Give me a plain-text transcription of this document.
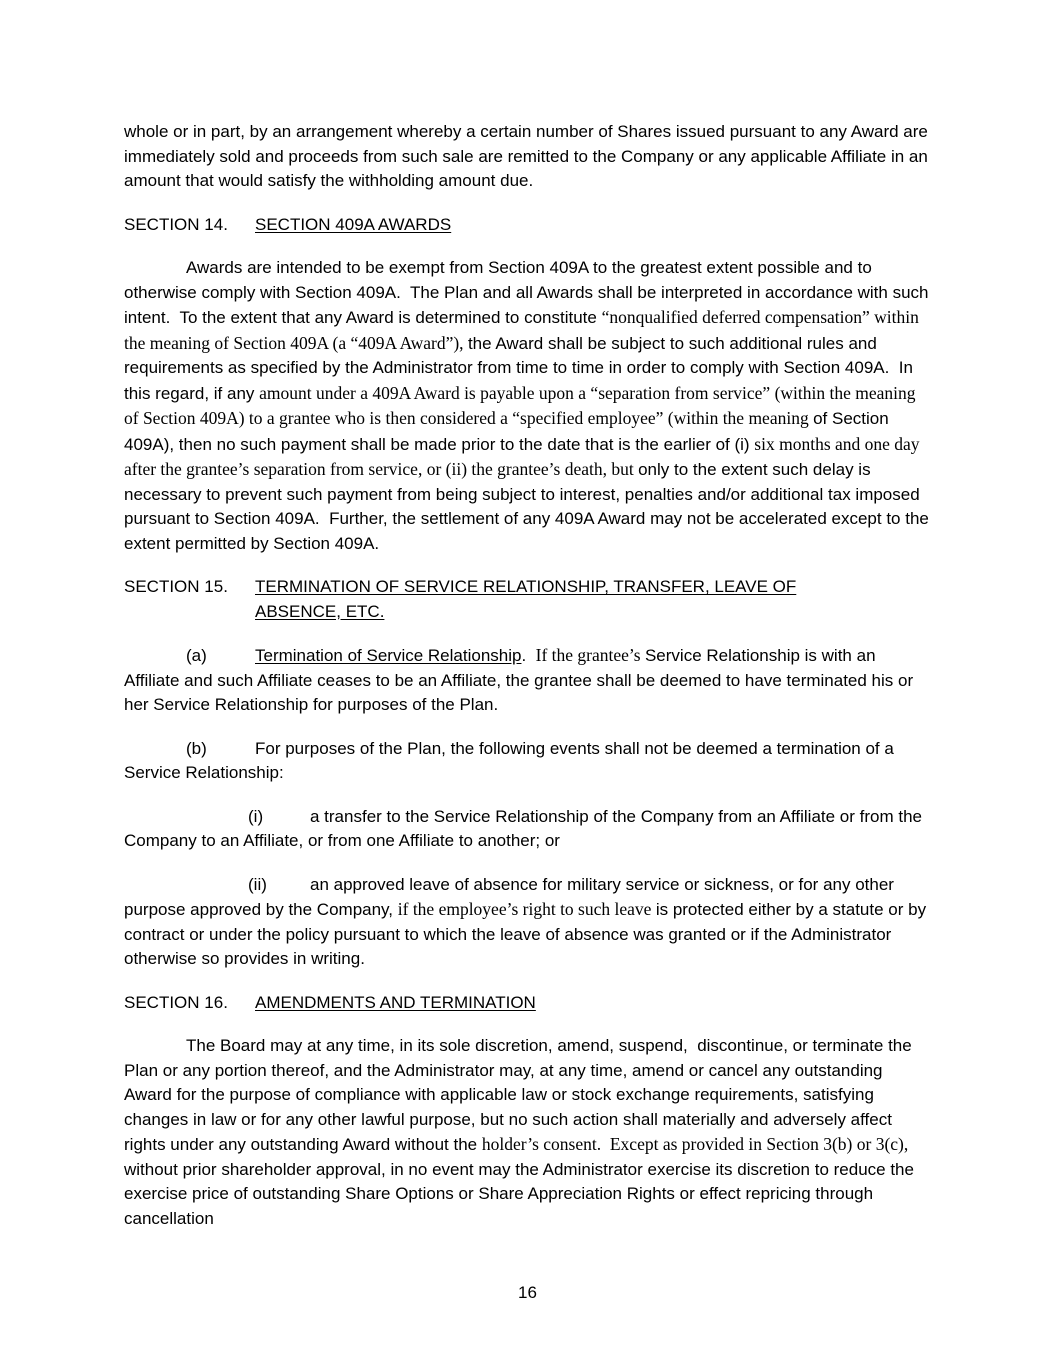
whole or in part, by an arrangement whereby a certain number of Shares issued pursuant to any Award are immediately sold and proceeds from such sale are remitted to the Company or any applicable Affiliate in an amount that would satisfy the withholding amount due.

SECTION 14. SECTION 409A AWARDS

Awards are intended to be exempt from Section 409A to the greatest extent possible and to otherwise comply with Section 409A.  The Plan and all Awards shall be interpreted in accordance with such intent.  To the extent that any Award is determined to constitute “nonqualified deferred compensation” within the meaning of Section 409A (a “409A Award”), the Award shall be subject to such additional rules and requirements as specified by the Administrator from time to time in order to comply with Section 409A.  In this regard, if any amount under a 409A Award is payable upon a “separation from service” (within the meaning of Section 409A) to a grantee who is then considered a “specified employee” (within the meaning of Section 409A), then no such payment shall be made prior to the date that is the earlier of (i) six months and one day after the grantee’s separation from service, or (ii) the grantee’s death, but only to the extent such delay is necessary to prevent such payment from being subject to interest, penalties and/or additional tax imposed pursuant to Section 409A.  Further, the settlement of any 409A Award may not be accelerated except to the extent permitted by Section 409A.

SECTION 15. TERMINATION OF SERVICE RELATIONSHIP, TRANSFER, LEAVE OF
ABSENCE, ETC.

(a)	Termination of Service Relationship.  If the grantee’s Service Relationship is with an Affiliate and such Affiliate ceases to be an Affiliate, the grantee shall be deemed to have terminated his or her Service Relationship for purposes of the Plan.

(b)	For purposes of the Plan, the following events shall not be deemed a termination of a Service Relationship:

(i)	a transfer to the Service Relationship of the Company from an Affiliate or from the Company to an Affiliate, or from one Affiliate to another; or

(ii)	an approved leave of absence for military service or sickness, or for any other purpose approved by the Company, if the employee’s right to such leave is protected either by a statute or by contract or under the policy pursuant to which the leave of absence was granted or if the Administrator otherwise so provides in writing.

SECTION 16. AMENDMENTS AND TERMINATION

The Board may at any time, in its sole discretion, amend, suspend,  discontinue, or terminate the Plan or any portion thereof, and the Administrator may, at any time, amend or cancel any outstanding Award for the purpose of compliance with applicable law or stock exchange requirements, satisfying changes in law or for any other lawful purpose, but no such action shall materially and adversely affect rights under any outstanding Award without the holder’s consent.  Except as provided in Section 3(b) or 3(c), without prior shareholder approval, in no event may the Administrator exercise its discretion to reduce the exercise price of outstanding Share Options or Share Appreciation Rights or effect repricing through cancellation

16
